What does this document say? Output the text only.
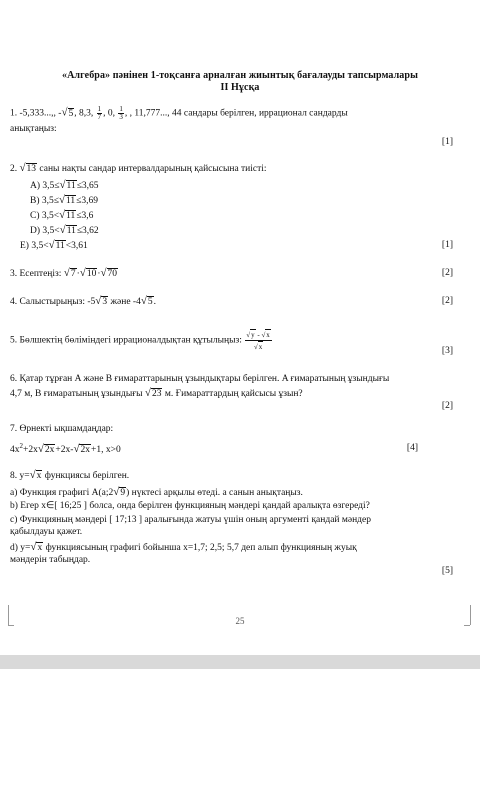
«Алгебра» пәнінен 1-тоқсанға арналған жиынтық бағалауды тапсырмалары
ІІ Нұсқа
1. -5,333...,, -√5, 8,3, $\frac{1}{7}$ , 0, $\frac{1}{3}$ , , 11,777..., 44 сандары берілген, иррационал сандарды
анықтаңыз:
[1]
2. √13 саны нақты сандар интервалдарының қайсысына тиісті:
A) 3,5≤√11≤3,65
B) 3,5≤√11≤3,69
C) 3,5<√11≤3,6
D) 3,5<√11≤3,62
E) 3,5<√11<3,61	[1]
3. Есептеңіз: √7·√10·√70	[2]
4. Салыстырыңыз: -5√3 және -4√5.	[2]
5. Бөлшектің бөліміндегі иррационалдықтан құтылыңыз: $\frac{√y - √x}{√x}$	[3]
6. Қатар тұрған A және B ғимараттарының ұзындықтары берілген. A ғимаратының ұзындығы
4,7 м, B ғимаратының ұзындығы √23 м. Ғимараттардың қайсысы ұзын?
[2]
7. Өрнекті ықшамдаңдар:
$4x^2+2x√2x+2x-√2x+1$, x>0	[4]
8. y=√x функциясы берілген.
a) Функция графигі A(a;2√9) нүктесі арқылы өтеді. a санын анықтаңыз.
b) Егер x∈[ 16;25 ] болса, онда берілген функцияның мәндері қандай аралықта өзгереді?
c) Функцияның мәндері [ 17;13 ] аралығында жатуы үшін оның аргументі қандай мәндер
қабылдауы қажет.
d) y=√x функциясының графигі бойынша x=1,7; 2,5; 5,7 деп алып функцияның жуық
мәндерін табыңдар.
[5]
25
